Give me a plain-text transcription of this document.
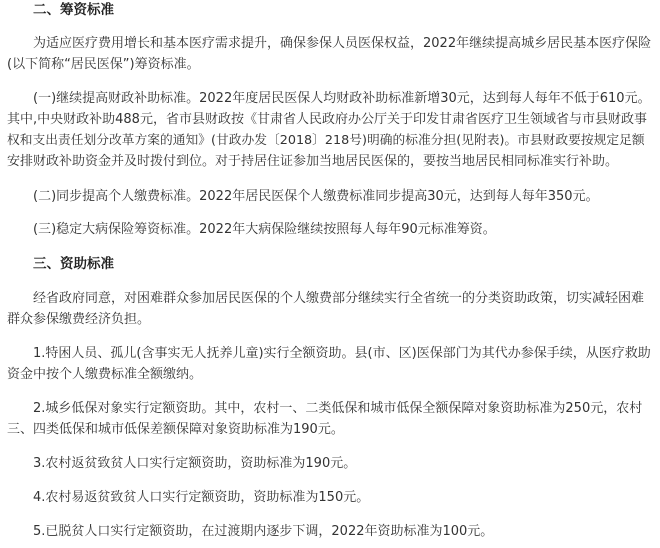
二、筹资标准
为适应医疗费用增长和基本医疗需求提升，确保参保人员医保权益，2022年继续提高城乡居民基本医疗保险
(以下简称“居民医保”)筹资标准。
(一)继续提高财政补助标准。2022年度居民医保人均财政补助标准新增30元，达到每人每年不低于610元。
其中,中央财政补助488元，省市县财政按《甘肃省人民政府办公厅关于印发甘肃省医疗卫生领域省与市县财政事
权和支出责任划分改革方案的通知》(甘政办发〔2018〕218号)明确的标准分担(见附表)。市县财政要按规定足额
安排财政补助资金并及时拨付到位。对于持居住证参加当地居民医保的，要按当地居民相同标准实行补助。
(二)同步提高个人缴费标准。2022年居民医保个人缴费标准同步提高30元，达到每人每年350元。
(三)稳定大病保险筹资标准。2022年大病保险继续按照每人每年90元标准筹资。
三、资助标准
经省政府同意，对困难群众参加居民医保的个人缴费部分继续实行全省统一的分类资助政策，切实减轻困难
群众参保缴费经济负担。
1.特困人员、孤儿(含事实无人抚养儿童)实行全额资助。县(市、区)医保部门为其代办参保手续，从医疗救助
资金中按个人缴费标准全额缴纳。
2.城乡低保对象实行定额资助。其中，农村一、二类低保和城市低保全额保障对象资助标准为250元，农村
三、四类低保和城市低保差额保障对象资助标准为190元。
3.农村返贫致贫人口实行定额资助，资助标准为190元。
4.农村易返贫致贫人口实行定额资助，资助标准为150元。
5.已脱贫人口实行定额资助，在过渡期内逐步下调，2022年资助标准为100元。
